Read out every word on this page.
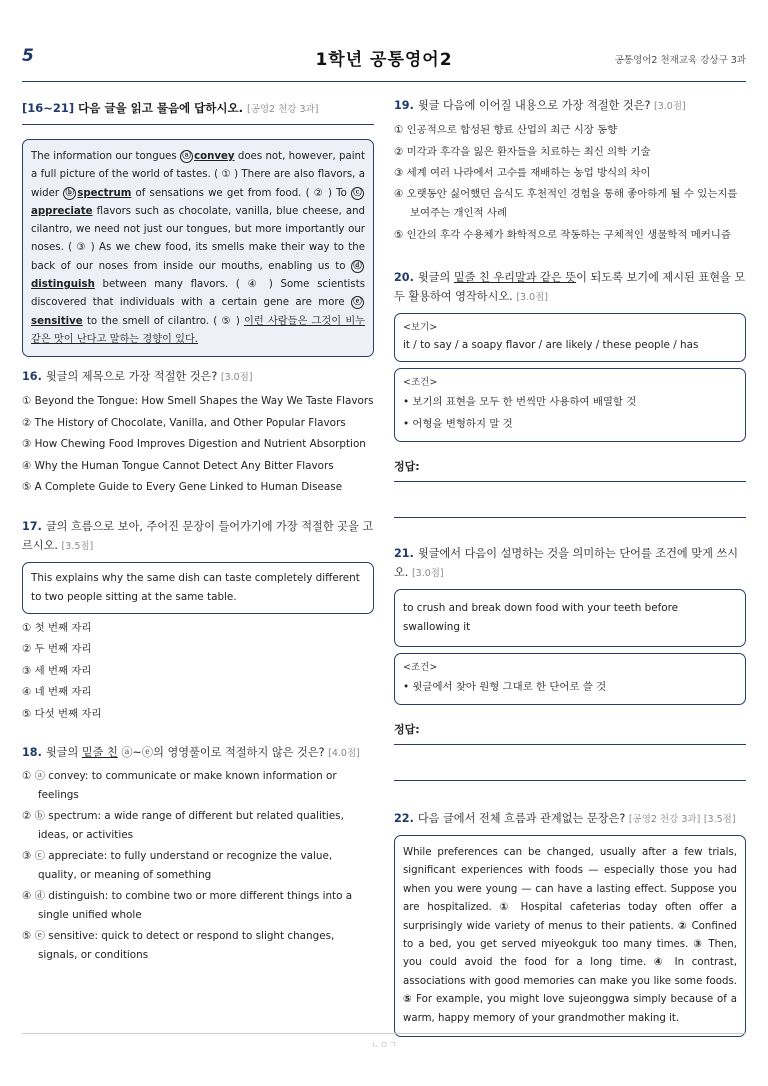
5	1학년 공통영어2	공통영어2 천재교육 강상구 3과
[16~21] 다음 글을 읽고 물음에 답하시오. [공영2 천강 3과]
The information our tongues ⓐ convey does not, however, paint a full picture of the world of tastes. ( ① ) There are also flavors, a wider ⓑ spectrum of sensations we get from food. ( ② ) To ⓒappreciate flavors such as chocolate, vanilla, blue cheese, and cilantro, we need not just our tongues, but more importantly our noses. ( ③ ) As we chew food, its smells make their way to the back of our noses from inside our mouths, enabling us to ⓓdistinguish between many flavors. ( ④ ) Some scientists discovered that individuals with a certain gene are more ⓔsensitive to the smell of cilantro. ( ⑤ ) 이런 사람들은 그것이 비누 같은 맛이 난다고 말하는 경향이 있다.
16. 윗글의 제목으로 가장 적절한 것은? [3.0점]
① Beyond the Tongue: How Smell Shapes the Way We Taste Flavors
② The History of Chocolate, Vanilla, and Other Popular Flavors
③ How Chewing Food Improves Digestion and Nutrient Absorption
④ Why the Human Tongue Cannot Detect Any Bitter Flavors
⑤ A Complete Guide to Every Gene Linked to Human Disease
17. 글의 흐름으로 보아, 주어진 문장이 들어가기에 가장 적절한 곳을 고르시오. [3.5점]
This explains why the same dish can taste completely different to two people sitting at the same table.
① 첫 번째 자리
② 두 번째 자리
③ 세 번째 자리
④ 네 번째 자리
⑤ 다섯 번째 자리
18. 윗글의 밑줄 친 ⓐ~ⓔ의 영영풀이로 적절하지 않은 것은? [4.0점]
① ⓐ convey: to communicate or make known information or feelings
② ⓑ spectrum: a wide range of different but related qualities, ideas, or activities
③ ⓒ appreciate: to fully understand or recognize the value, quality, or meaning of something
④ ⓓ distinguish: to combine two or more different things into a single unified whole
⑤ ⓔ sensitive: quick to detect or respond to slight changes, signals, or conditions
19. 윗글 다음에 이어질 내용으로 가장 적절한 것은? [3.0점]
① 인공적으로 합성된 향료 산업의 최근 시장 동향
② 미각과 후각을 잃은 환자들을 치료하는 최신 의학 기술
③ 세계 여러 나라에서 고수를 재배하는 농업 방식의 차이
④ 오랫동안 싫어했던 음식도 후천적인 경험을 통해 좋아하게 될 수 있는지를 보여주는 개인적 사례
⑤ 인간의 후각 수용체가 화학적으로 작동하는 구체적인 생물학적 메커니즘
20. 윗글의 밑줄 친 우리말과 같은 뜻이 되도록 보기에 제시된 표현을 모두 활용하여 영작하시오. [3.0점]
<보기>
it / to say / a soapy flavor / are likely / these people / has
<조건>
• 보기의 표현을 모두 한 번씩만 사용하여 배열할 것
• 어형을 변형하지 말 것
정답:
21. 윗글에서 다음이 설명하는 것을 의미하는 단어를 조건에 맞게 쓰시오. [3.0점]
to crush and break down food with your teeth before swallowing it
<조건>
• 윗글에서 찾아 원형 그대로 한 단어로 쓸 것
정답:
22. 다음 글에서 전체 흐름과 관계없는 문장은? [공영2 천강 3과] [3.5점]
While preferences can be changed, usually after a few trials, significant experiences with foods — especially those you had when you were young — can have a lasting effect. Suppose you are hospitalized. ① Hospital cafeterias today often offer a surprisingly wide variety of menus to their patients. ② Confined to a bed, you get served miyeokguk too many times. ③ Then, you could avoid the food for a long time. ④ In contrast, associations with good memories can make you like some foods. ⑤ For example, you might love sujeonggwa simply because of a warm, happy memory of your grandmother making it.
ㄴㅇㄱ
